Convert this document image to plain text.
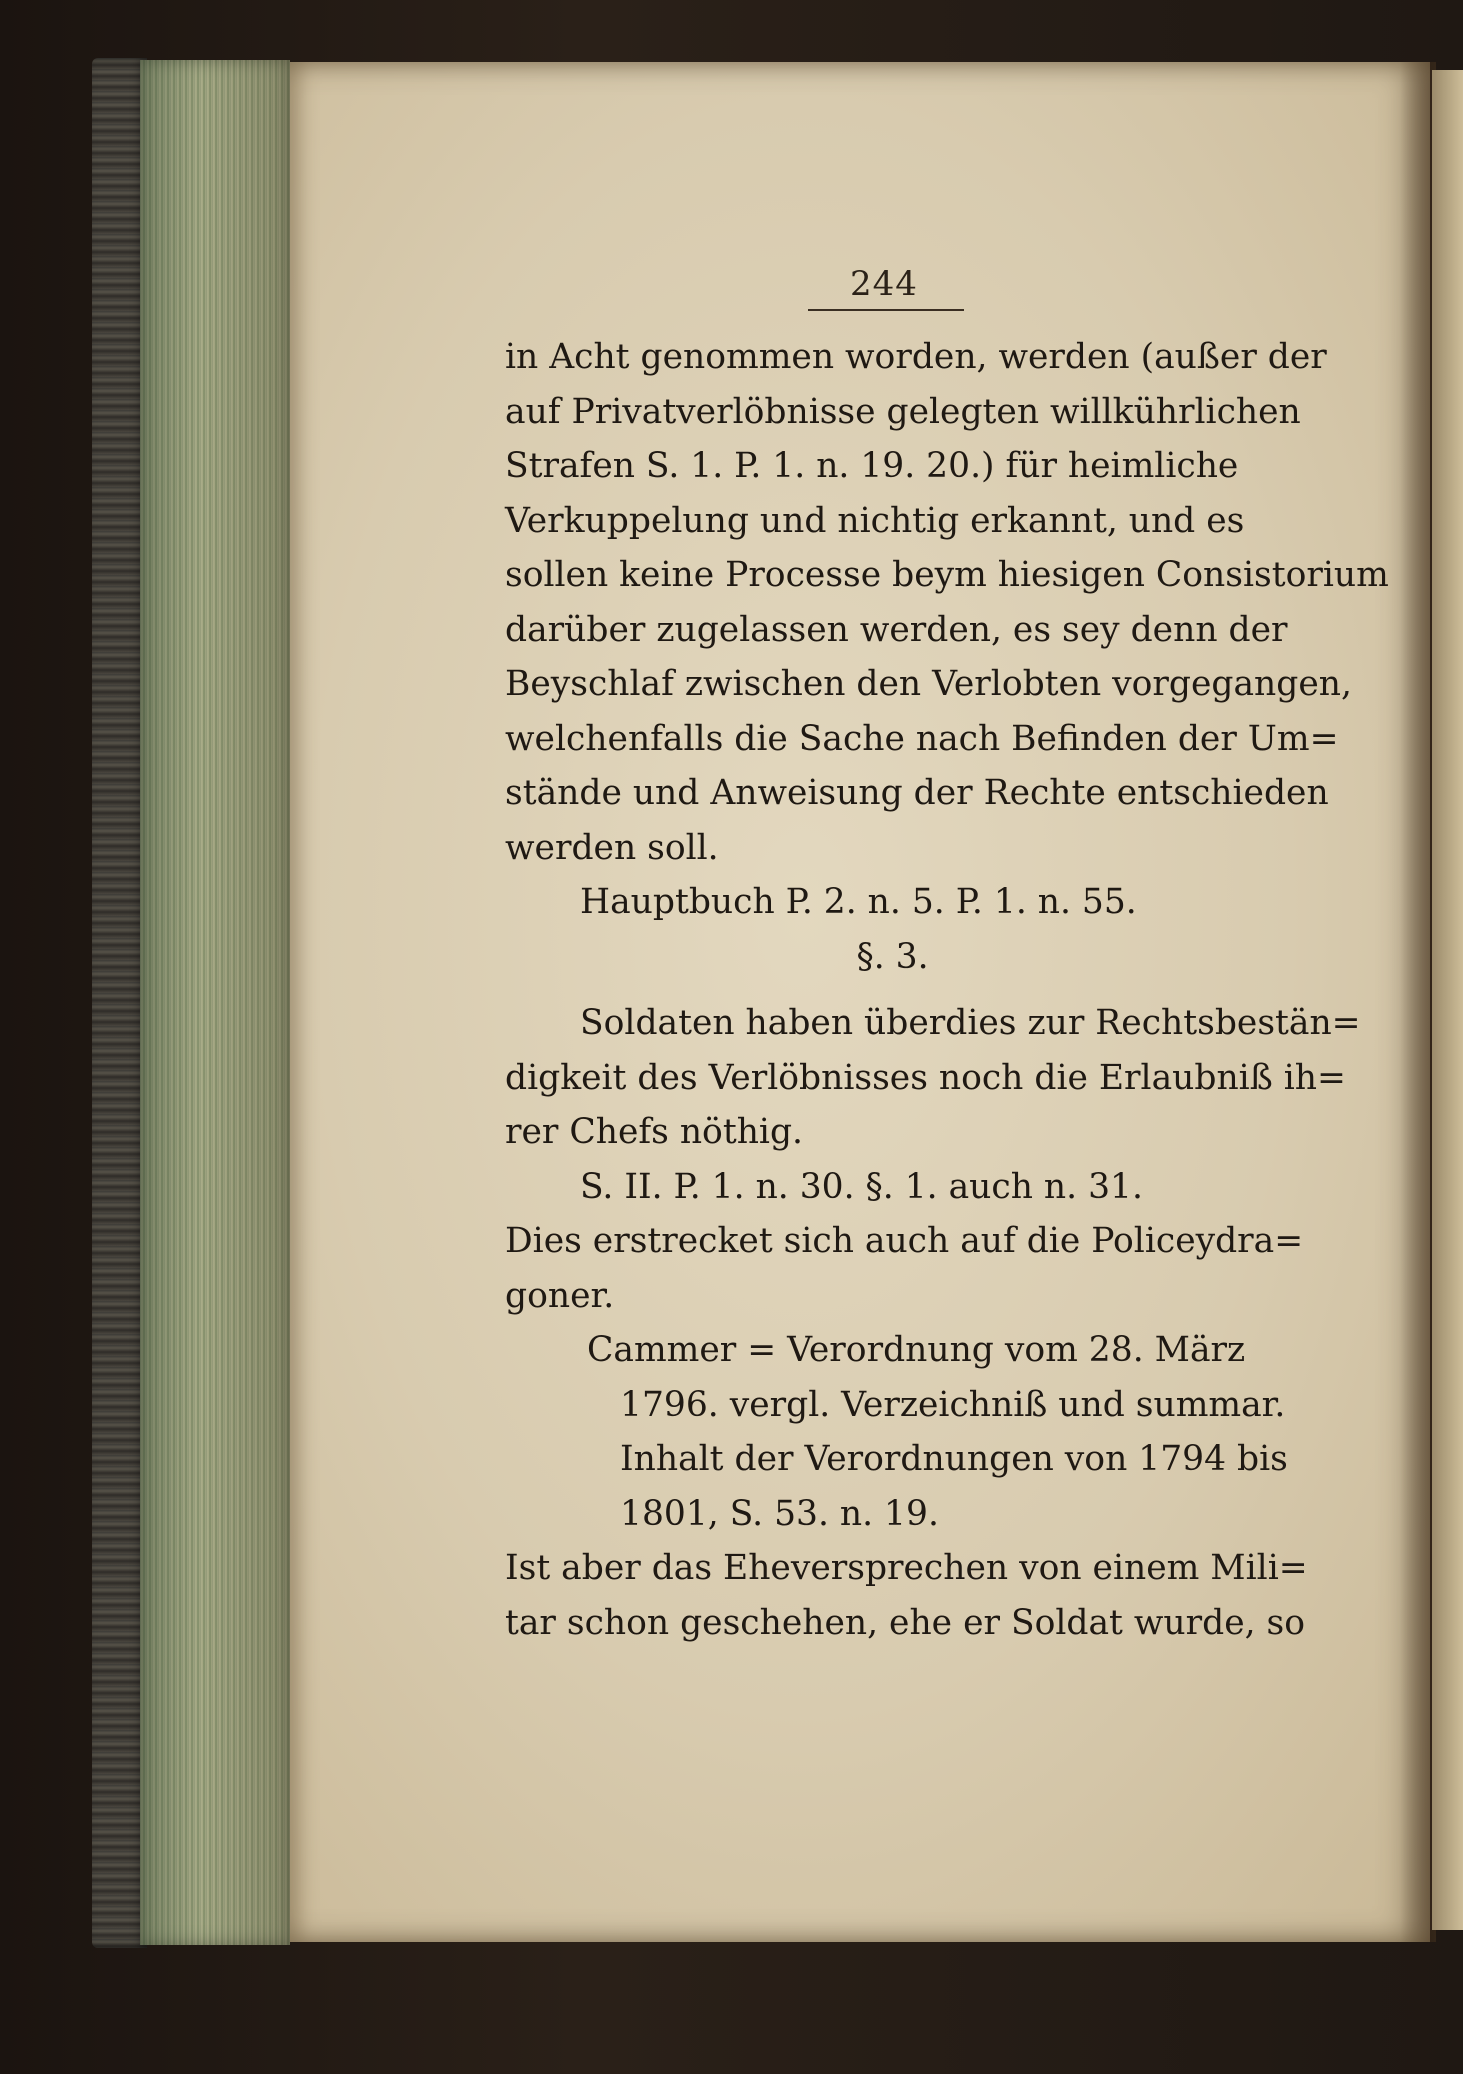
244
in Acht genommen worden, werden (außer der
auf Privatverlöbnisse gelegten willkührlichen
Strafen S. 1. P. 1. n. 19. 20.) für heimliche
Verkuppelung und nichtig erkannt, und es
sollen keine Processe beym hiesigen Consistorium
darüber zugelassen werden, es sey denn der
Beyschlaf zwischen den Verlobten vorgegangen,
welchenfalls die Sache nach Befinden der Um=
stände und Anweisung der Rechte entschieden
werden soll.
Hauptbuch P. 2. n. 5. P. 1. n. 55.
§. 3.
Soldaten haben überdies zur Rechtsbestän=
digkeit des Verlöbnisses noch die Erlaubniß ih=
rer Chefs nöthig.
S. II. P. 1. n. 30. §. 1. auch n. 31.
Dies erstrecket sich auch auf die Policeydra=
goner.
Cammer = Verordnung vom 28. März
1796. vergl. Verzeichniß und summar.
Inhalt der Verordnungen von 1794 bis
1801, S. 53. n. 19.
Ist aber das Eheversprechen von einem Mili=
tar schon geschehen, ehe er Soldat wurde, so
